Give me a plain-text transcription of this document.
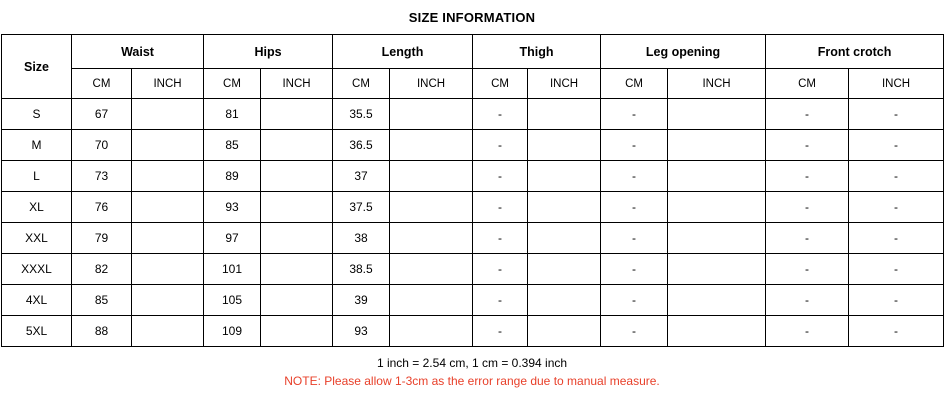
SIZE INFORMATION
Size	Waist		Hips		Length		Thigh		Leg opening		Front crotch	
	CM	INCH	CM	INCH	CM	INCH	CM	INCH	CM	INCH	CM	INCH
S	67		81		35.5		-		-		-	-
M	70		85		36.5		-		-		-	-
L	73		89		37		-		-		-	-
XL	76		93		37.5		-		-		-	-
XXL	79		97		38		-		-		-	-
XXXL	82		101		38.5		-		-		-	-
4XL	85		105		39		-		-		-	-
5XL	88		109		93		-		-		-	-
1 inch = 2.54 cm, 1 cm = 0.394 inch
NOTE: Please allow 1-3cm as the error range due to manual measure.
